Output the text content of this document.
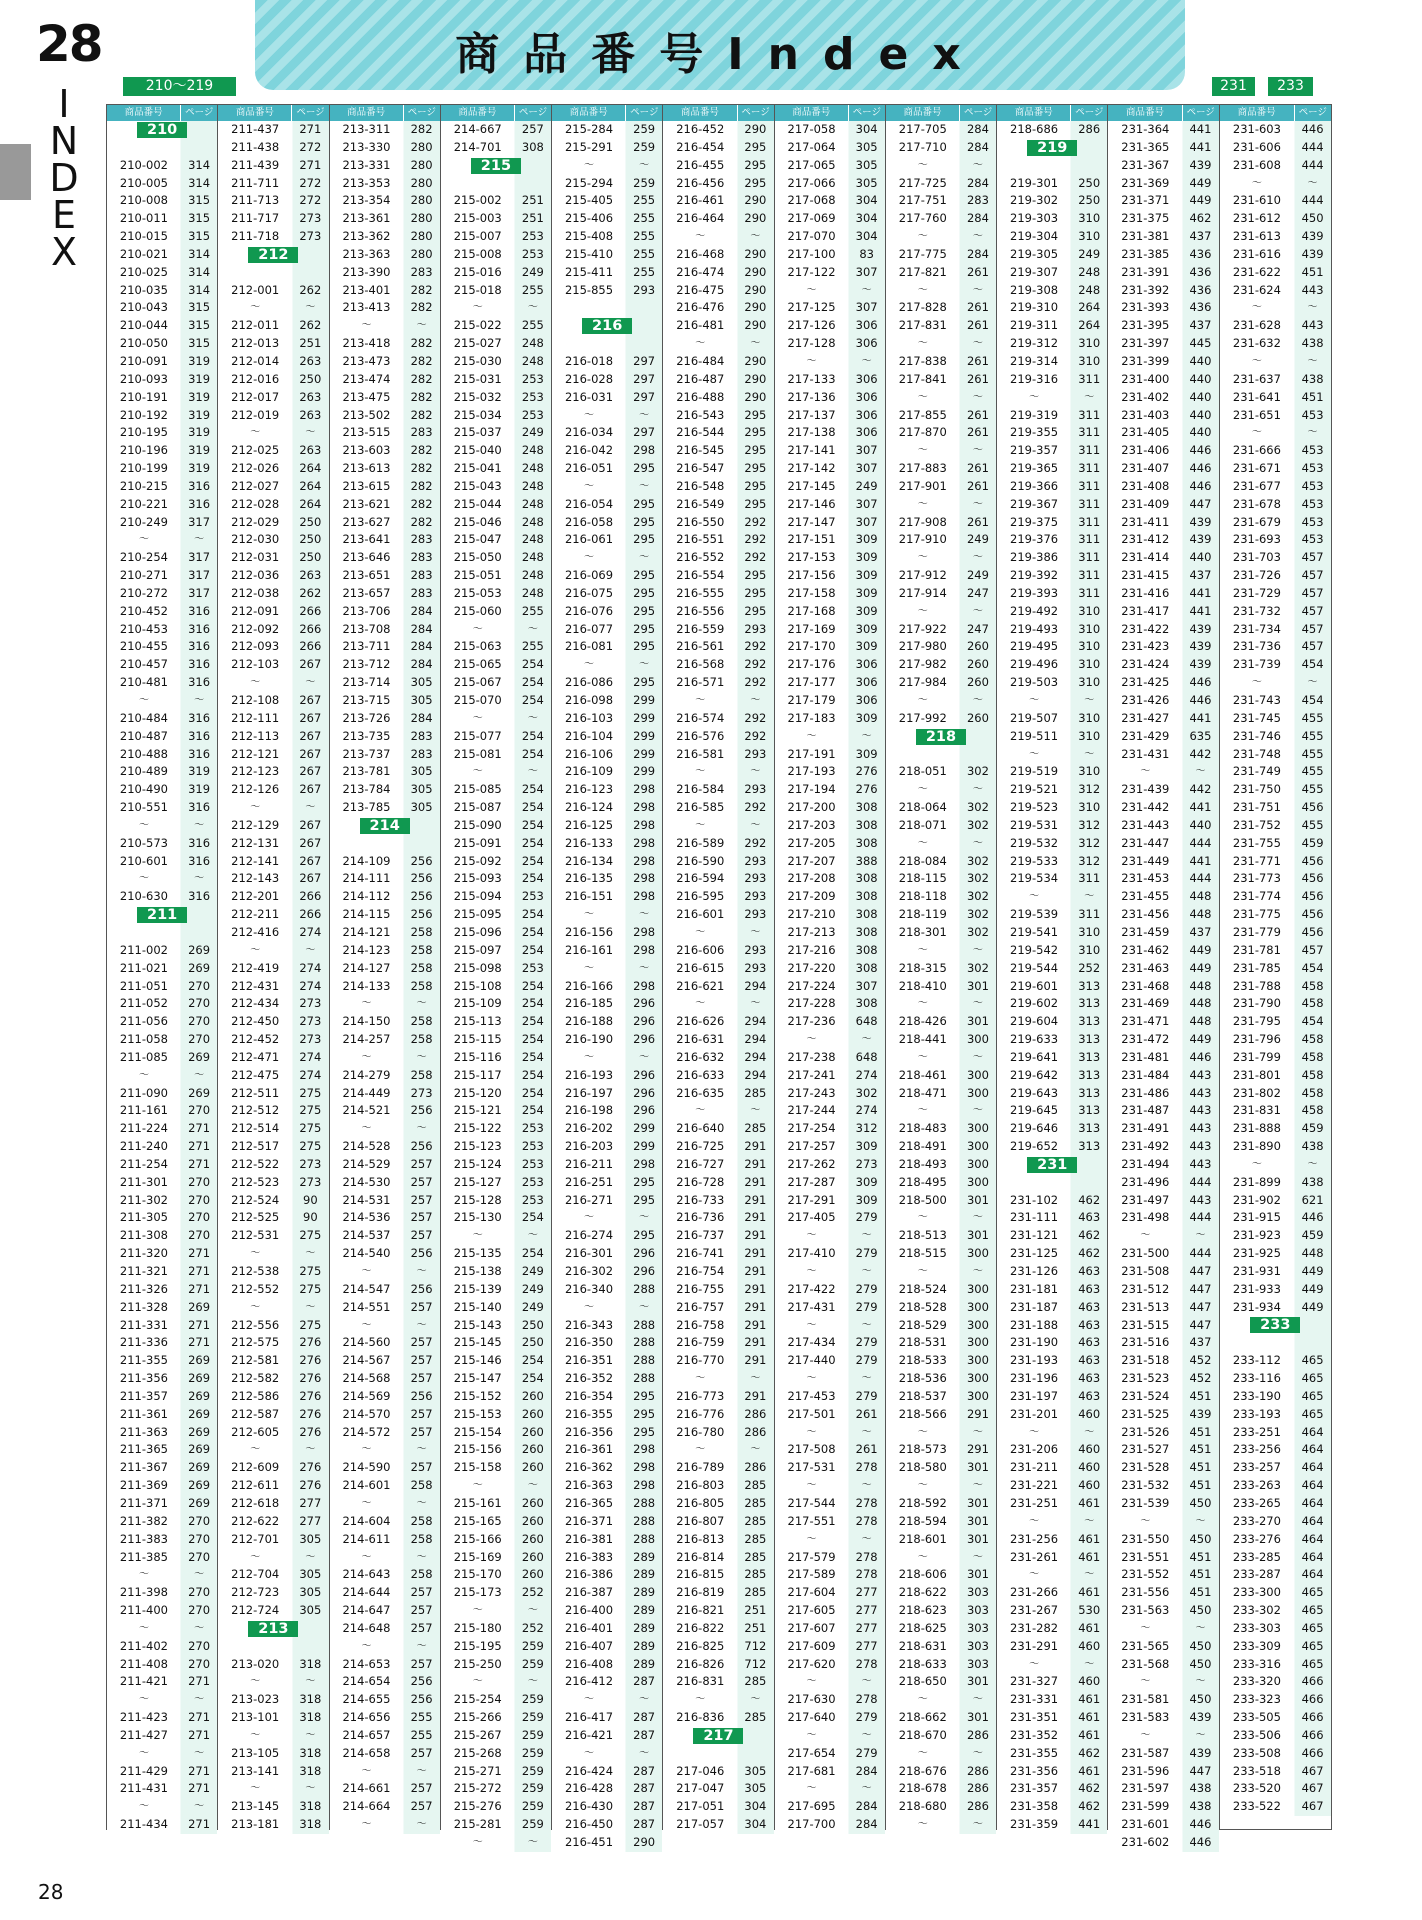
28
I
N
D
E
X
商品番号Index
210〜219	231	233
商品番号	ページ
210
210-002	314
210-005	314
210-008	315
210-011	315
210-015	315
210-021	314
210-025	314
210-035	314
210-043	315
210-044	315
210-050	315
210-091	319
210-093	319
210-191	319
210-192	319
210-195	319
210-196	319
210-199	319
210-215	316
210-221	316
210-249	317
〜	〜
210-254	317
210-271	317
210-272	317
210-452	316
210-453	316
210-455	316
210-457	316
210-481	316
〜	〜
210-484	316
210-487	316
210-488	316
210-489	319
210-490	319
210-551	316
〜	〜
210-573	316
210-601	316
〜	〜
210-630	316
211
211-002	269
211-021	269
211-051	270
211-052	270
211-056	270
211-058	270
211-085	269
〜	〜
211-090	269
211-161	270
211-224	271
211-240	271
211-254	271
211-301	270
211-302	270
211-305	270
211-308	270
211-320	271
211-321	271
211-326	271
211-328	269
211-331	271
211-336	271
211-355	269
211-356	269
211-357	269
211-361	269
211-363	269
211-365	269
211-367	269
211-369	269
211-371	269
211-382	270
211-383	270
211-385	270
〜	〜
211-398	270
211-400	270
〜	〜
211-402	270
211-408	270
211-421	271
〜	〜
211-423	271
211-427	271
〜	〜
211-429	271
211-431	271
〜	〜
211-434	271
商品番号	ページ
211-437	271
211-438	272
211-439	271
211-711	272
211-713	272
211-717	273
211-718	273
212
212-001	262
〜	〜
212-011	262
212-013	251
212-014	263
212-016	250
212-017	263
212-019	263
〜	〜
212-025	263
212-026	264
212-027	264
212-028	264
212-029	250
212-030	250
212-031	250
212-036	263
212-038	262
212-091	266
212-092	266
212-093	266
212-103	267
〜	〜
212-108	267
212-111	267
212-113	267
212-121	267
212-123	267
212-126	267
〜	〜
212-129	267
212-131	267
212-141	267
212-143	267
212-201	266
212-211	266
212-416	274
〜	〜
212-419	274
212-431	274
212-434	273
212-450	273
212-452	273
212-471	274
212-475	274
212-511	275
212-512	275
212-514	275
212-517	275
212-522	273
212-523	273
212-524	90
212-525	90
212-531	275
〜	〜
212-538	275
212-552	275
〜	〜
212-556	275
212-575	276
212-581	276
212-582	276
212-586	276
212-587	276
212-605	276
〜	〜
212-609	276
212-611	276
212-618	277
212-622	277
212-701	305
〜	〜
212-704	305
212-723	305
212-724	305
213
213-020	318
〜	〜
213-023	318
213-101	318
〜	〜
213-105	318
213-141	318
〜	〜
213-145	318
213-181	318
商品番号	ページ
213-311	282
213-330	280
213-331	280
213-353	280
213-354	280
213-361	280
213-362	280
213-363	280
213-390	283
213-401	282
213-413	282
〜	〜
213-418	282
213-473	282
213-474	282
213-475	282
213-502	282
213-515	283
213-603	282
213-613	282
213-615	282
213-621	282
213-627	282
213-641	283
213-646	283
213-651	283
213-657	283
213-706	284
213-708	284
213-711	284
213-712	284
213-714	305
213-715	305
213-726	284
213-735	283
213-737	283
213-781	305
213-784	305
213-785	305
214
214-109	256
214-111	256
214-112	256
214-115	256
214-121	258
214-123	258
214-127	258
214-133	258
〜	〜
214-150	258
214-257	258
〜	〜
214-279	258
214-449	273
214-521	256
〜	〜
214-528	256
214-529	257
214-530	257
214-531	257
214-536	257
214-537	257
214-540	256
〜	〜
214-547	256
214-551	257
〜	〜
214-560	257
214-567	257
214-568	257
214-569	256
214-570	257
214-572	257
〜	〜
214-590	257
214-601	258
〜	〜
214-604	258
214-611	258
〜	〜
214-643	258
214-644	257
214-647	257
214-648	257
〜	〜
214-653	257
214-654	256
214-655	256
214-656	255
214-657	255
214-658	257
〜	〜
214-661	257
214-664	257
〜	〜
商品番号	ページ
214-667	257
214-701	308
215
215-002	251
215-003	251
215-007	253
215-008	253
215-016	249
215-018	255
〜	〜
215-022	255
215-027	248
215-030	248
215-031	253
215-032	253
215-034	253
215-037	249
215-040	248
215-041	248
215-043	248
215-044	248
215-046	248
215-047	248
215-050	248
215-051	248
215-053	248
215-060	255
〜	〜
215-063	255
215-065	254
215-067	254
215-070	254
〜	〜
215-077	254
215-081	254
〜	〜
215-085	254
215-087	254
215-090	254
215-091	254
215-092	254
215-093	254
215-094	253
215-095	254
215-096	254
215-097	254
215-098	253
215-108	254
215-109	254
215-113	254
215-115	254
215-116	254
215-117	254
215-120	254
215-121	254
215-122	253
215-123	253
215-124	253
215-127	253
215-128	253
215-130	254
〜	〜
215-135	254
215-138	249
215-139	249
215-140	249
215-143	250
215-145	250
215-146	254
215-147	254
215-152	260
215-153	260
215-154	260
215-156	260
215-158	260
〜	〜
215-161	260
215-165	260
215-166	260
215-169	260
215-170	260
215-173	252
〜	〜
215-180	252
215-195	259
215-250	259
〜	〜
215-254	259
215-266	259
215-267	259
215-268	259
215-271	259
215-272	259
215-276	259
215-281	259
〜	〜
商品番号	ページ
215-284	259
215-291	259
〜	〜
215-294	259
215-405	255
215-406	255
215-408	255
215-410	255
215-411	255
215-855	293
216
216-018	297
216-028	297
216-031	297
〜	〜
216-034	297
216-042	298
216-051	295
〜	〜
216-054	295
216-058	295
216-061	295
〜	〜
216-069	295
216-075	295
216-076	295
216-077	295
216-081	295
〜	〜
216-086	295
216-098	299
216-103	299
216-104	299
216-106	299
216-109	299
216-123	298
216-124	298
216-125	298
216-133	298
216-134	298
216-135	298
216-151	298
〜	〜
216-156	298
216-161	298
〜	〜
216-166	298
216-185	296
216-188	296
216-190	296
〜	〜
216-193	296
216-197	296
216-198	296
216-202	299
216-203	299
216-211	298
216-251	295
216-271	295
〜	〜
216-274	295
216-301	296
216-302	296
216-340	288
〜	〜
216-343	288
216-350	288
216-351	288
216-352	288
216-354	295
216-355	295
216-356	295
216-361	298
216-362	298
216-363	298
216-365	288
216-371	288
216-381	288
216-383	289
216-386	289
216-387	289
216-400	289
216-401	289
216-407	289
216-408	289
216-412	287
〜	〜
216-417	287
216-421	287
〜	〜
216-424	287
216-428	287
216-430	287
216-450	287
216-451	290
商品番号	ページ
216-452	290
216-454	295
216-455	295
216-456	295
216-461	290
216-464	290
〜	〜
216-468	290
216-474	290
216-475	290
216-476	290
216-481	290
〜	〜
216-484	290
216-487	290
216-488	290
216-543	295
216-544	295
216-545	295
216-547	295
216-548	295
216-549	295
216-550	292
216-551	292
216-552	292
216-554	295
216-555	295
216-556	295
216-559	293
216-561	292
216-568	292
216-571	292
〜	〜
216-574	292
216-576	292
216-581	293
〜	〜
216-584	293
216-585	292
〜	〜
216-589	292
216-590	293
216-594	293
216-595	293
216-601	293
〜	〜
216-606	293
216-615	293
216-621	294
〜	〜
216-626	294
216-631	294
216-632	294
216-633	294
216-635	285
〜	〜
216-640	285
216-725	291
216-727	291
216-728	291
216-733	291
216-736	291
216-737	291
216-741	291
216-754	291
216-755	291
216-757	291
216-758	291
216-759	291
216-770	291
〜	〜
216-773	291
216-776	286
216-780	286
〜	〜
216-789	286
216-803	285
216-805	285
216-807	285
216-813	285
216-814	285
216-815	285
216-819	285
216-821	251
216-822	251
216-825	712
216-826	712
216-831	285
〜	〜
216-836	285
217
217-046	305
217-047	305
217-051	304
217-057	304
商品番号	ページ
217-058	304
217-064	305
217-065	305
217-066	305
217-068	304
217-069	304
217-070	304
217-100	83
217-122	307
〜	〜
217-125	307
217-126	306
217-128	306
〜	〜
217-133	306
217-136	306
217-137	306
217-138	306
217-141	307
217-142	307
217-145	249
217-146	307
217-147	307
217-151	309
217-153	309
217-156	309
217-158	309
217-168	309
217-169	309
217-170	309
217-176	306
217-177	306
217-179	306
217-183	309
〜	〜
217-191	309
217-193	276
217-194	276
217-200	308
217-203	308
217-205	308
217-207	388
217-208	308
217-209	308
217-210	308
217-213	308
217-216	308
217-220	308
217-224	307
217-228	308
217-236	648
〜	〜
217-238	648
217-241	274
217-243	302
217-244	274
217-254	312
217-257	309
217-262	273
217-287	309
217-291	309
217-405	279
〜	〜
217-410	279
〜	〜
217-422	279
217-431	279
〜	〜
217-434	279
217-440	279
〜	〜
217-453	279
217-501	261
〜	〜
217-508	261
217-531	278
〜	〜
217-544	278
217-551	278
〜	〜
217-579	278
217-589	278
217-604	277
217-605	277
217-607	277
217-609	277
217-620	278
〜	〜
217-630	278
217-640	279
〜	〜
217-654	279
217-681	284
〜	〜
217-695	284
217-700	284
商品番号	ページ
217-705	284
217-710	284
〜	〜
217-725	284
217-751	283
217-760	284
〜	〜
217-775	284
217-821	261
〜	〜
217-828	261
217-831	261
〜	〜
217-838	261
217-841	261
〜	〜
217-855	261
217-870	261
〜	〜
217-883	261
217-901	261
〜	〜
217-908	261
217-910	249
〜	〜
217-912	249
217-914	247
〜	〜
217-922	247
217-980	260
217-982	260
217-984	260
〜	〜
217-992	260
218
218-051	302
〜	〜
218-064	302
218-071	302
〜	〜
218-084	302
218-115	302
218-118	302
218-119	302
218-301	302
〜	〜
218-315	302
218-410	301
〜	〜
218-426	301
218-441	300
〜	〜
218-461	300
218-471	300
〜	〜
218-483	300
218-491	300
218-493	300
218-495	300
218-500	301
〜	〜
218-513	301
218-515	300
〜	〜
218-524	300
218-528	300
218-529	300
218-531	300
218-533	300
218-536	300
218-537	300
218-566	291
〜	〜
218-573	291
218-580	301
〜	〜
218-592	301
218-594	301
218-601	301
〜	〜
218-606	301
218-622	303
218-623	303
218-625	303
218-631	303
218-633	303
218-650	301
〜	〜
218-662	301
218-670	286
〜	〜
218-676	286
218-678	286
218-680	286
〜	〜
商品番号	ページ
218-686	286
219
219-301	250
219-302	250
219-303	310
219-304	310
219-305	249
219-307	248
219-308	248
219-310	264
219-311	264
219-312	310
219-314	310
219-316	311
〜	〜
219-319	311
219-355	311
219-357	311
219-365	311
219-366	311
219-367	311
219-375	311
219-376	311
219-386	311
219-392	311
219-393	311
219-492	310
219-493	310
219-495	310
219-496	310
219-503	310
〜	〜
219-507	310
219-511	310
〜	〜
219-519	310
219-521	312
219-523	310
219-531	312
219-532	312
219-533	312
219-534	311
〜	〜
219-539	311
219-541	310
219-542	310
219-544	252
219-601	313
219-602	313
219-604	313
219-633	313
219-641	313
219-642	313
219-643	313
219-645	313
219-646	313
219-652	313
231
231-102	462
231-111	463
231-121	462
231-125	462
231-126	463
231-181	463
231-187	463
231-188	463
231-190	463
231-193	463
231-196	463
231-197	463
231-201	460
〜	〜
231-206	460
231-211	460
231-221	460
231-251	461
〜	〜
231-256	461
231-261	461
〜	〜
231-266	461
231-267	530
231-282	461
231-291	460
〜	〜
231-327	460
231-331	461
231-351	461
231-352	461
231-355	462
231-356	461
231-357	462
231-358	462
231-359	441
商品番号	ページ
231-364	441
231-365	441
231-367	439
231-369	449
231-371	449
231-375	462
231-381	437
231-385	436
231-391	436
231-392	436
231-393	436
231-395	437
231-397	445
231-399	440
231-400	440
231-402	440
231-403	440
231-405	440
231-406	446
231-407	446
231-408	446
231-409	447
231-411	439
231-412	439
231-414	440
231-415	437
231-416	441
231-417	441
231-422	439
231-423	439
231-424	439
231-425	446
231-426	446
231-427	441
231-429	635
231-431	442
〜	〜
231-439	442
231-442	441
231-443	440
231-447	444
231-449	441
231-453	444
231-455	448
231-456	448
231-459	437
231-462	449
231-463	449
231-468	448
231-469	448
231-471	448
231-472	449
231-481	446
231-484	443
231-486	443
231-487	443
231-491	443
231-492	443
231-494	443
231-496	444
231-497	443
231-498	444
〜	〜
231-500	444
231-508	447
231-512	447
231-513	447
231-515	447
231-516	437
231-518	452
231-523	452
231-524	451
231-525	439
231-526	451
231-527	451
231-528	451
231-532	451
231-539	450
〜	〜
231-550	450
231-551	451
231-552	451
231-556	451
231-563	450
〜	〜
231-565	450
231-568	450
〜	〜
231-581	450
231-583	439
〜	〜
231-587	439
231-596	447
231-597	438
231-599	438
231-601	446
231-602	446
商品番号	ページ
231-603	446
231-606	444
231-608	444
〜	〜
231-610	444
231-612	450
231-613	439
231-616	439
231-622	451
231-624	443
〜	〜
231-628	443
231-632	438
〜	〜
231-637	438
231-641	451
231-651	453
〜	〜
231-666	453
231-671	453
231-677	453
231-678	453
231-679	453
231-693	453
231-703	457
231-726	457
231-729	457
231-732	457
231-734	457
231-736	457
231-739	454
〜	〜
231-743	454
231-745	455
231-746	455
231-748	455
231-749	455
231-750	455
231-751	456
231-752	455
231-755	459
231-771	456
231-773	456
231-774	456
231-775	456
231-779	456
231-781	457
231-785	454
231-788	458
231-790	458
231-795	454
231-796	458
231-799	458
231-801	458
231-802	458
231-831	458
231-888	459
231-890	438
〜	〜
231-899	438
231-902	621
231-915	446
231-923	459
231-925	448
231-931	449
231-933	449
231-934	449
233
233-112	465
233-116	465
233-190	465
233-193	465
233-251	464
233-256	464
233-257	464
233-263	464
233-265	464
233-270	464
233-276	464
233-285	464
233-287	464
233-300	465
233-302	465
233-303	465
233-309	465
233-316	465
233-320	466
233-323	466
233-505	466
233-506	466
233-508	466
233-518	467
233-520	467
233-522	467
28
